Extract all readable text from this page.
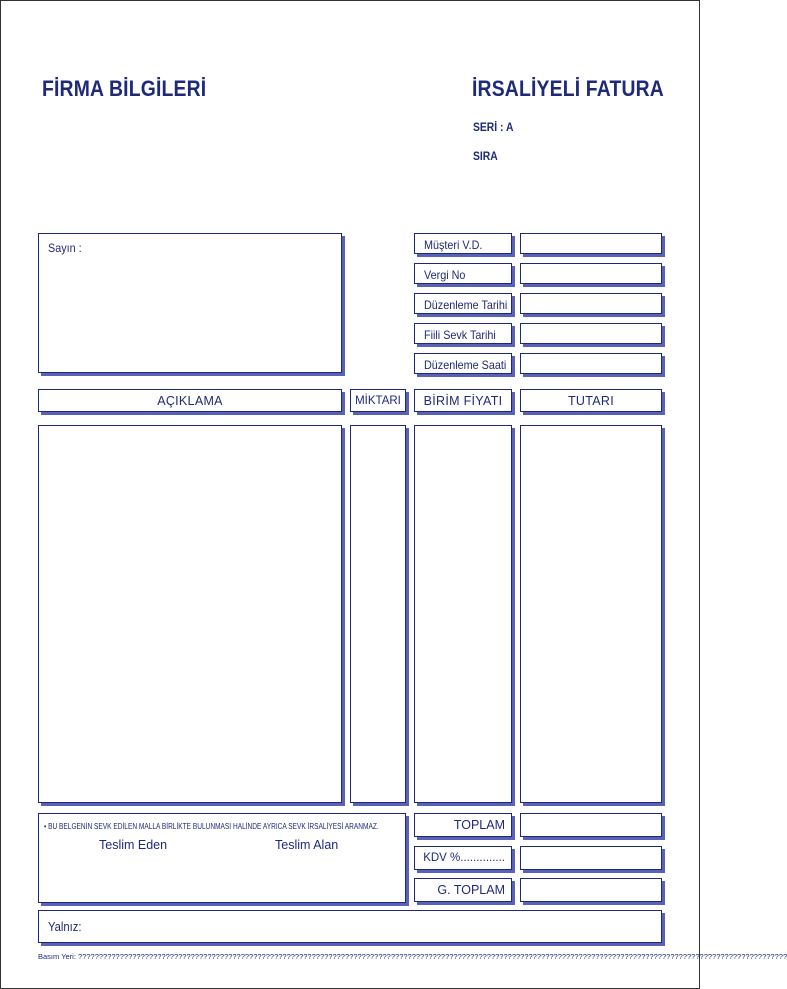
FİRMA BİLGİLERİ	İRSALİYELİ FATURA
SERİ : A
SIRA
Sayın :	Müşteri V.D.
Vergi No
Düzenleme Tarihi
Fiili Sevk Tarihi
Düzenleme Saati
AÇIKLAMA	MİKTARI	BİRİM FİYATI	TUTARI
• BU BELGENİN SEVK EDİLEN MALLA BİRLİKTE BULUNMASI HALİNDE AYRICA SEVK İRSALİYESİ ARANMAZ.
Teslim Eden	Teslim Alan
TOPLAM
KDV %..............
G. TOPLAM
Yalnız:
Basım Yeri: ??????????????????????????????????????????????????????????????????????????????????????????????????????????????????????????????????????????????????????????????????????????
